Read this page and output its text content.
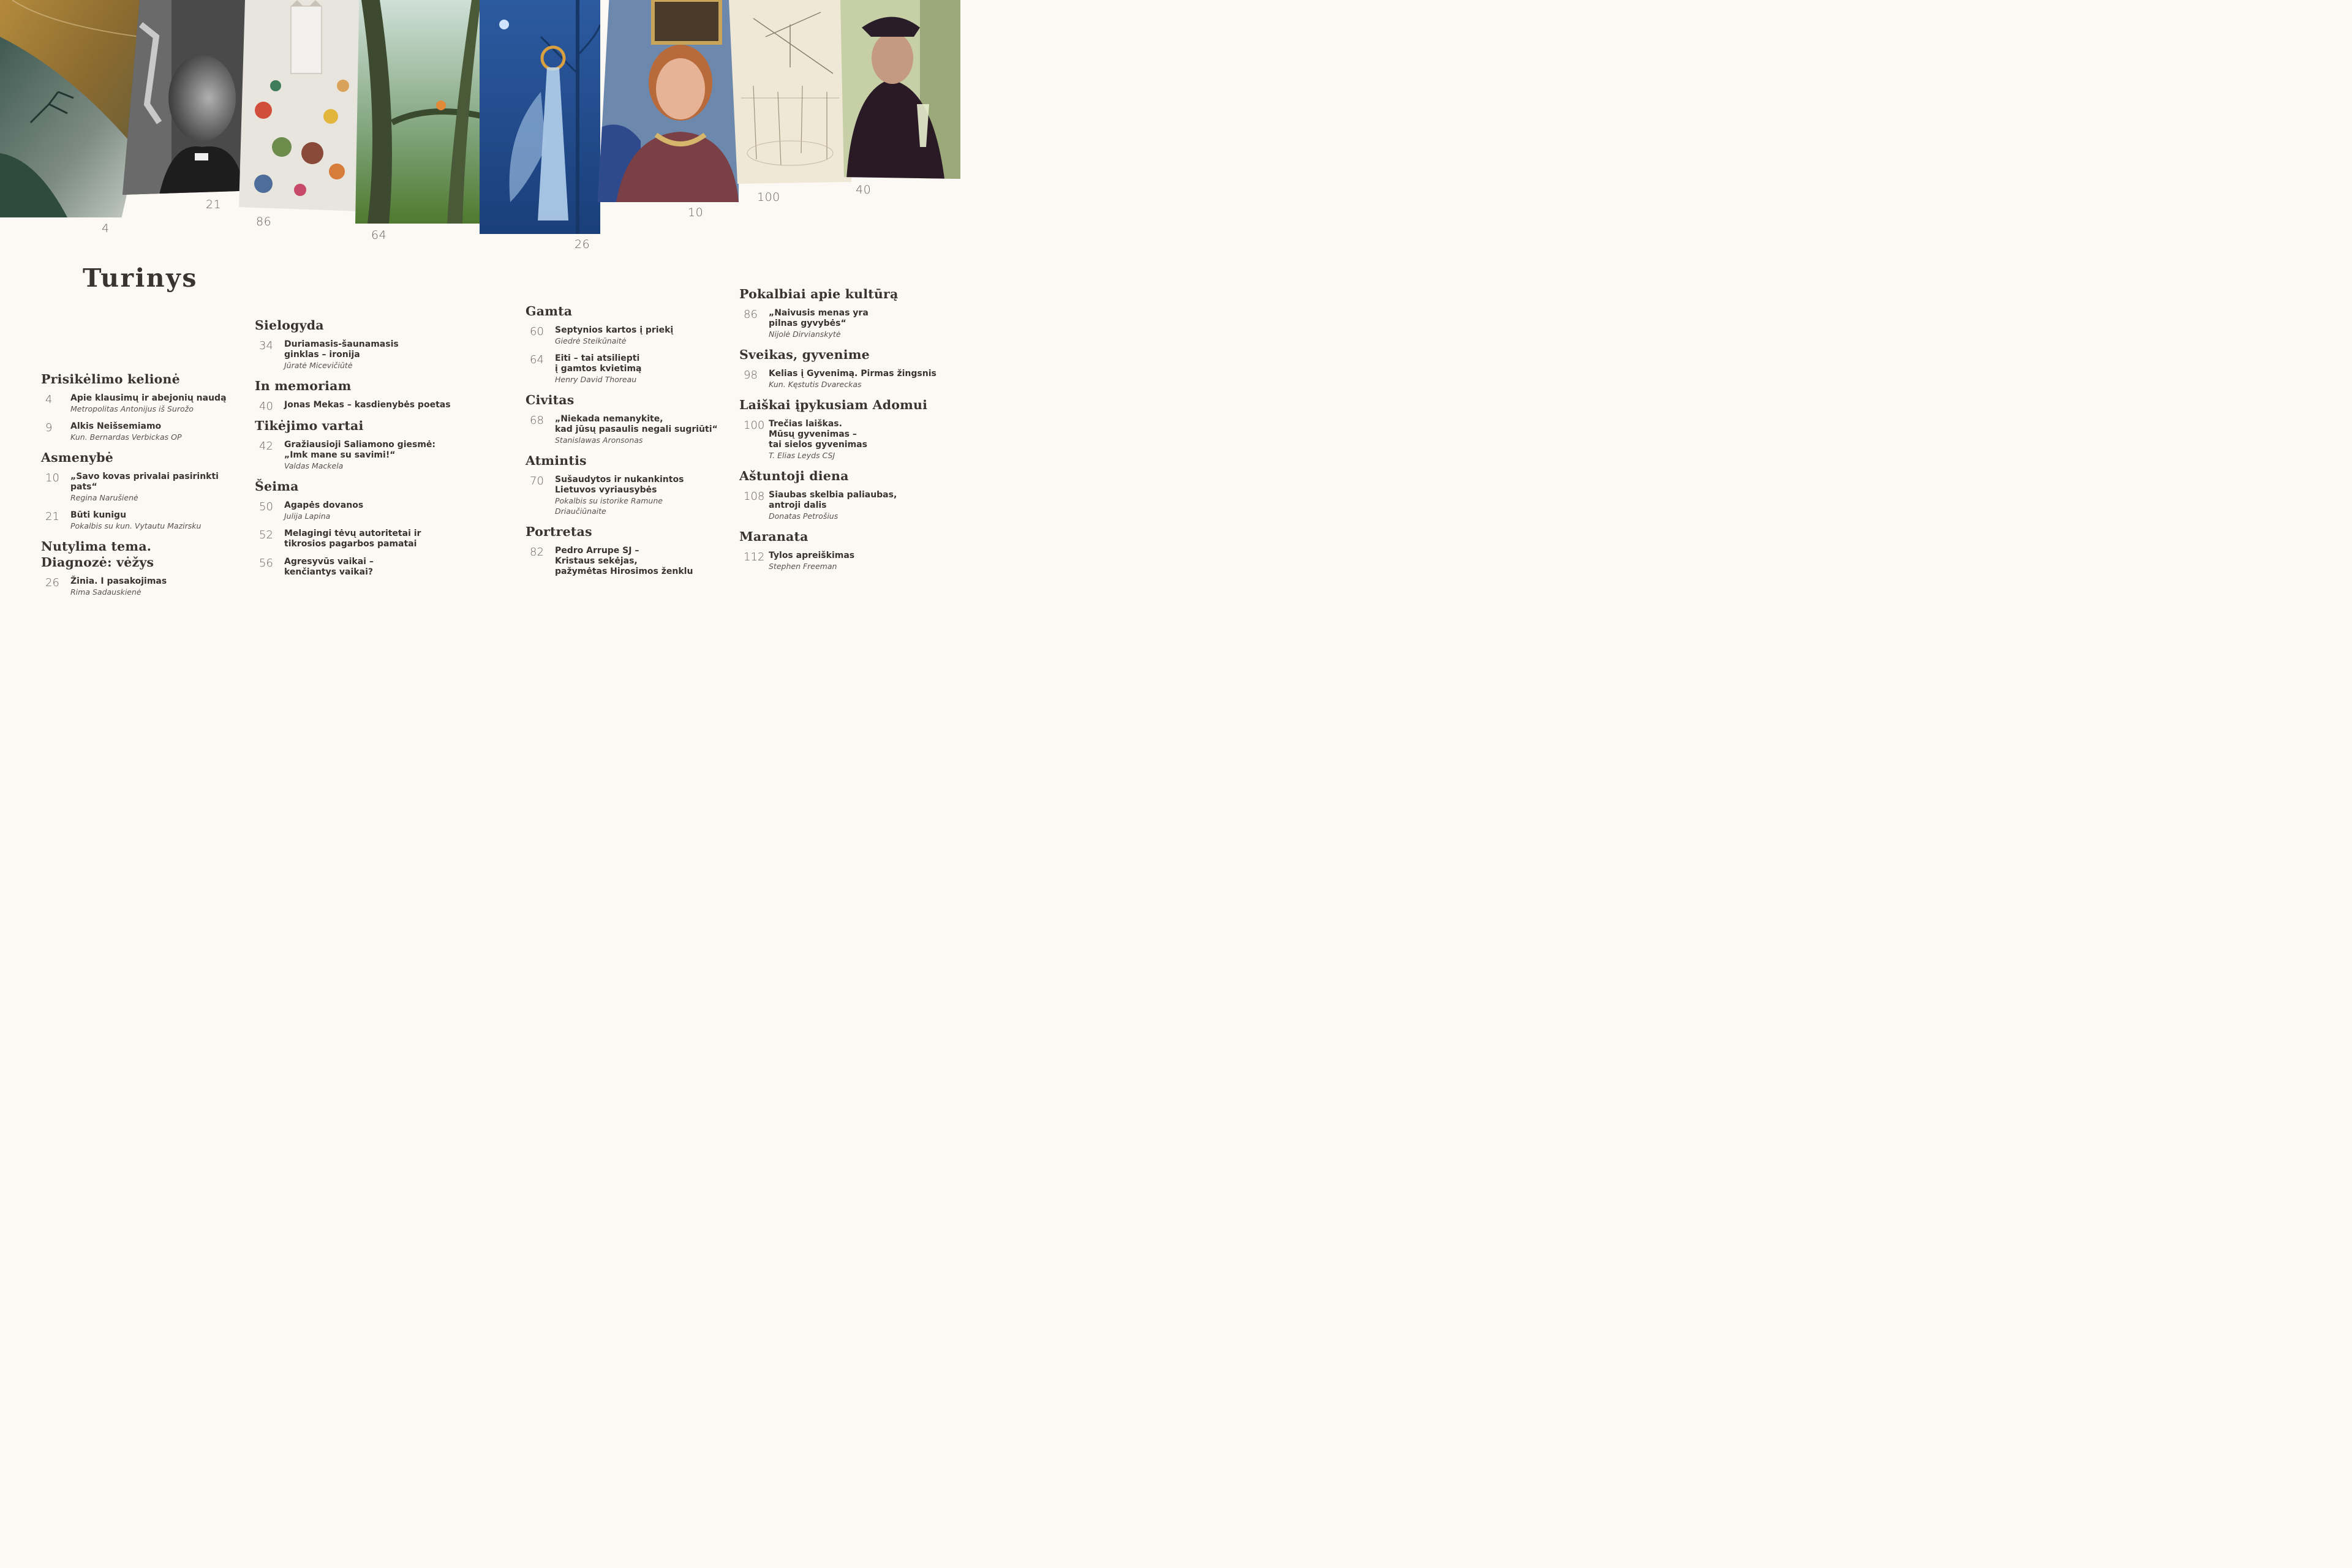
4
21
86
64
26
10
100
40
Turinys
Prisikėlimo kelionė
4 Apie klausimų ir abejonių naudą
Metropolitas Antonijus iš Surožo
9 Alkis Neišsemiamo
Kun. Bernardas Verbickas OP
Asmenybė
10 „Savo kovas privalai pasirinkti pats“
Regina Narušienė
21 Būti kunigu
Pokalbis su kun. Vytautu Mazirsku
Nutylima tema.
Diagnozė: vėžys
26 Žinia. I pasakojimas
Rima Sadauskienė
Sielogyda
34 Duriamasis-šaunamasis
ginklas – ironija
Jūratė Micevičiūtė
In memoriam
40 Jonas Mekas – kasdienybės poetas
Tikėjimo vartai
42 Gražiausioji Saliamono giesmė:
„Imk mane su savimi!“
Valdas Mackela
Šeima
50 Agapės dovanos
Julija Lapina
52 Melagingi tėvų autoritetai ir
tikrosios pagarbos pamatai
56 Agresyvūs vaikai –
kenčiantys vaikai?
Gamta
60 Septynios kartos į priekį
Giedrė Steikūnaitė
64 Eiti – tai atsiliepti
į gamtos kvietimą
Henry David Thoreau
Civitas
68 „Niekada nemanykite,
kad jūsų pasaulis negali sugriūti“
Stanislawas Aronsonas
Atmintis
70 Sušaudytos ir nukankintos
Lietuvos vyriausybės
Pokalbis su istorike Ramune
Driaučiūnaite
Portretas
82 Pedro Arrupe SJ –
Kristaus sekėjas,
pažymėtas Hirosimos ženklu
Pokalbiai apie kultūrą
86 „Naivusis menas yra
pilnas gyvybės“
Nijolė Dirvianskytė
Sveikas, gyvenime
98 Kelias į Gyvenimą. Pirmas žingsnis
Kun. Kęstutis Dvareckas
Laiškai įpykusiam Adomui
100 Trečias laiškas.
Mūsų gyvenimas –
tai sielos gyvenimas
T. Elias Leyds CSJ
Aštuntoji diena
108 Siaubas skelbia paliaubas,
antroji dalis
Donatas Petrošius
Maranata
112 Tylos apreiškimas
Stephen Freeman
